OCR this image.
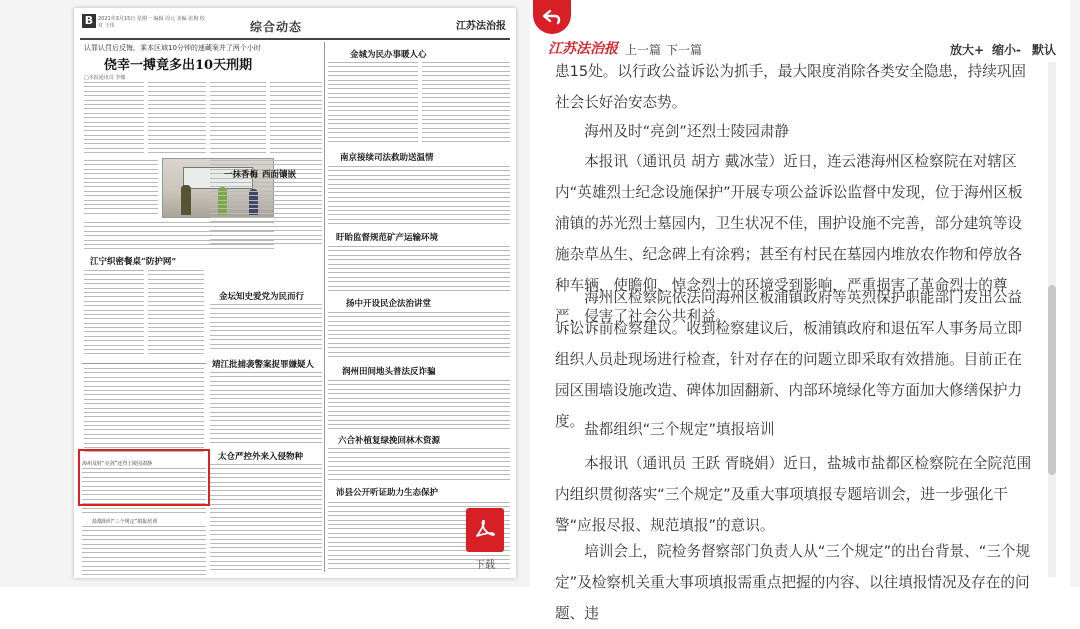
B 2021年3月15日 星期一 编辑 周元 美编 张梅 校对 王伟	综合动态	江苏法治报
认罪认罚后反悔，乘本区域10分钟的速藏案并了两个小时
侥幸一搏竟多出10天刑期
□本报通讯员 李娜
江宁织密餐桌“防护网”
一抹香梅 西面镶嵌
金坛知史爱党为民而行
靖江批捕袭警案捉罪嫌疑人
太仓严控外来入侵物种
金城为民办事暖人心
南京接续司法救助送温情
盱眙监督规范矿产运输环境
扬中开设民企法治讲堂
润州田间地头普法反诈骗
六合补植复绿挽回林木资源
沛县公开听证助力生态保护
海州及时“亮剑”还烈士陵园肃静
盐都组织“三个规定”填报培训
下载
江苏法治报 上一篇 下一篇	放大+ 缩小- 默认

患15处。以行政公益诉讼为抓手，最大限度消除各类安全隐患，持续巩固社会长好治安态势。

海州及时“亮剑”还烈士陵园肃静

本报讯（通讯员 胡方 戴冰莹）近日，连云港海州区检察院在对辖区内“英雄烈士纪念设施保护”开展专项公益诉讼监督中发现，位于海州区板浦镇的苏光烈士墓园内，卫生状况不佳，围护设施不完善，部分建筑等设施杂草丛生、纪念碑上有涂鸦；甚至有村民在墓园内堆放农作物和停放各种车辆，使瞻仰、悼念烈士的环境受到影响，严重损害了革命烈士的尊严，侵害了社会公共利益。

海州区检察院依法向海州区板浦镇政府等英烈保护职能部门发出公益诉讼诉前检察建议。收到检察建议后，板浦镇政府和退伍军人事务局立即组织人员赴现场进行检查，针对存在的问题立即采取有效措施。目前正在园区围墙设施改造、碑体加固翻新、内部环境绿化等方面加大修缮保护力度。 盐都组织“三个规定”填报培训

本报讯（通讯员 王跃 胥晓娟）近日，盐城市盐都区检察院在全院范围内组织贯彻落实“三个规定”及重大事项填报专题培训会，进一步强化干警“应报尽报、规范填报”的意识。

培训会上，院检务督察部门负责人从“三个规定”的出台背景、“三个规定”及检察机关重大事项填报需重点把握的内容、以往填报情况及存在的问题、违
